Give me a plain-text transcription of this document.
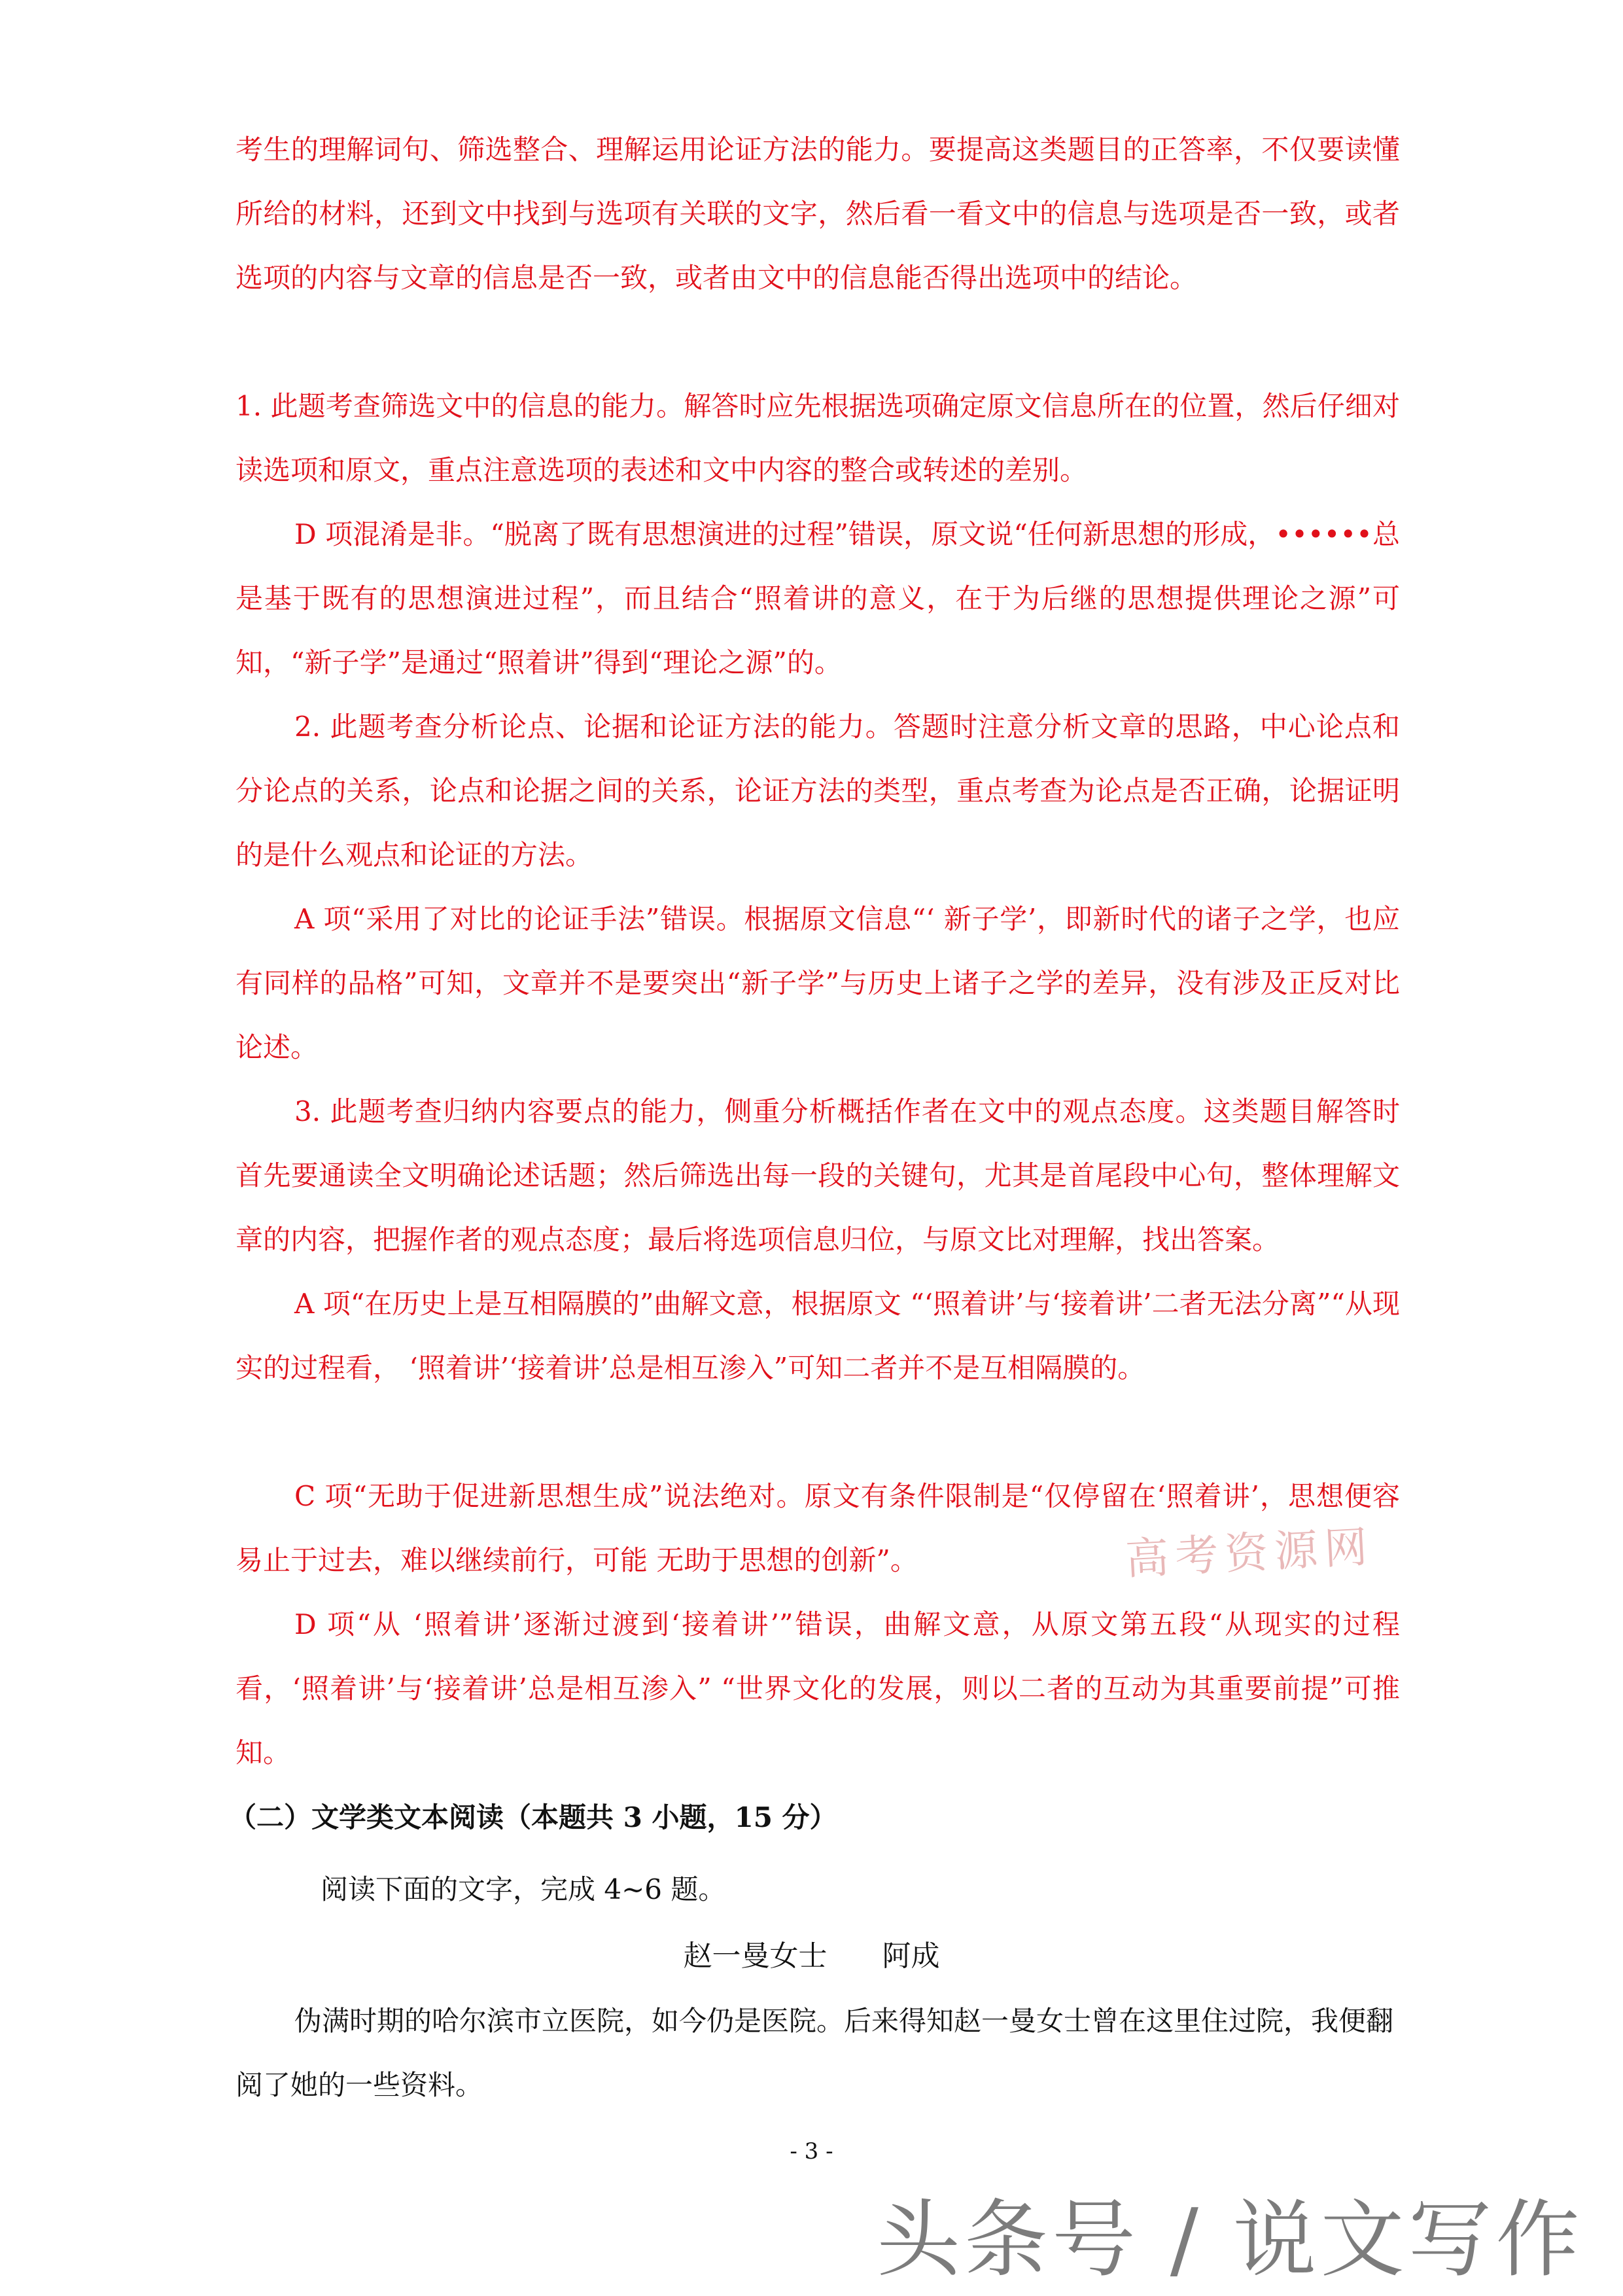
考生的理解词句、筛选整合、理解运用论证方法的能力。要提高这类题目的正答率，不仅要读懂所给的材料，还到文中找到与选项有关联的文字，然后看一看文中的信息与选项是否一致，或者选项的内容与文章的信息是否一致，或者由文中的信息能否得出选项中的结论。

1. 此题考查筛选文中的信息的能力。解答时应先根据选项确定原文信息所在的位置，然后仔细对读选项和原文，重点注意选项的表述和文中内容的整合或转述的差别。

D 项混淆是非。“脱离了既有思想演进的过程”错误，原文说“任何新思想的形成，••••••总是基于既有的思想演进过程”，而且结合“照着讲的意义，在于为后继的思想提供理论之源”可知，“新子学”是通过“照着讲”得到“理论之源”的。

2. 此题考查分析论点、论据和论证方法的能力。答题时注意分析文章的思路，中心论点和分论点的关系，论点和论据之间的关系，论证方法的类型，重点考查为论点是否正确，论据证明的是什么观点和论证的方法。

A 项“采用了对比的论证手法”错误。根据原文信息“‘ 新子学’，即新时代的诸子之学，也应有同样的品格”可知，文章并不是要突出“新子学”与历史上诸子之学的差异，没有涉及正反对比论述。

3. 此题考查归纳内容要点的能力，侧重分析概括作者在文中的观点态度。这类题目解答时首先要通读全文明确论述话题；然后筛选出每一段的关键句，尤其是首尾段中心句，整体理解文章的内容，把握作者的观点态度；最后将选项信息归位，与原文比对理解，找出答案。

A 项“在历史上是互相隔膜的”曲解文意，根据原文 “‘照着讲’与‘接着讲’二者无法分离”“从现实的过程看， ‘照着讲’‘接着讲’总是相互渗入”可知二者并不是互相隔膜的。

C 项“无助于促进新思想生成”说法绝对。原文有条件限制是“仅停留在‘照着讲’，思想便容易止于过去，难以继续前行，可能 无助于思想的创新”。

D 项“从 ‘照着讲’逐渐过渡到‘接着讲’”错误，曲解文意，从原文第五段“从现实的过程看，‘照着讲’与‘接着讲’总是相互渗入” “世界文化的发展，则以二者的互动为其重要前提”可推知。

高考资源网
（二）文学类文本阅读（本题共 3 小题，15 分）
阅读下面的文字，完成 4~6 题。
赵一曼女士 阿成

伪满时期的哈尔滨市立医院，如今仍是医院。后来得知赵一曼女士曾在这里住过院，我便翻阅了她的一些资料。

- 3 -
头条号 / 说文写作
